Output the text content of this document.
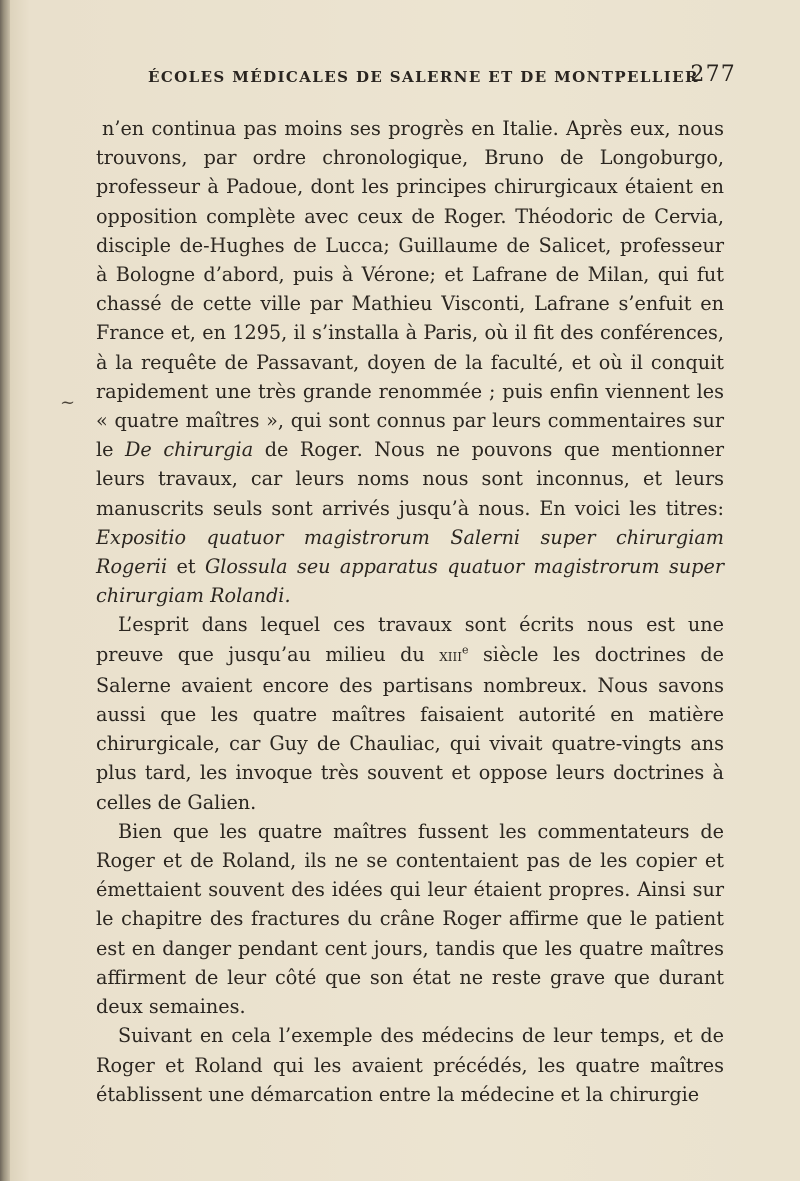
~
ÉCOLES MÉDICALES DE SALERNE ET DE MONTPELLIER
277

n’en continua pas moins ses progrès en Italie. Après eux, nous trouvons, par ordre chronologique, Bruno de Longoburgo, professeur à Padoue, dont les principes chirurgicaux étaient en opposition complète avec ceux de Roger. Théodoric de Cervia, disciple de-Hughes de Lucca; Guillaume de Salicet, professeur à Bologne d’abord, puis à Vérone; et Lafrane de Milan, qui fut chassé de cette ville par Mathieu Visconti, Lafrane s’enfuit en France et, en 1295, il s’installa à Paris, où il fit des conférences, à la requête de Passavant, doyen de la faculté, et où il conquit rapidement une très grande renommée ; puis enfin viennent les « quatre maîtres », qui sont connus par leurs commentaires sur le De chirurgia de Roger. Nous ne pouvons que mentionner leurs travaux, car leurs noms nous sont inconnus, et leurs manuscrits seuls sont arrivés jusqu’à nous. En voici les titres: Expositio quatuor magistrorum Salerni super chirurgiam Rogerii et Glossula seu apparatus quatuor magistrorum super chirurgiam Rolandi.

L’esprit dans lequel ces travaux sont écrits nous est une preuve que jusqu’au milieu du xiii$^e$ siècle les doctrines de Salerne avaient encore des partisans nombreux. Nous savons aussi que les quatre maîtres faisaient autorité en matière chirurgicale, car Guy de Chauliac, qui vivait quatre-vingts ans plus tard, les invoque très souvent et oppose leurs doctrines à celles de Galien.

Bien que les quatre maîtres fussent les commentateurs de Roger et de Roland, ils ne se contentaient pas de les copier et émettaient souvent des idées qui leur étaient propres. Ainsi sur le chapitre des fractures du crâne Roger affirme que le patient est en danger pendant cent jours, tandis que les quatre maîtres affirment de leur côté que son état ne reste grave que durant deux semaines.

Suivant en cela l’exemple des médecins de leur temps, et de Roger et Roland qui les avaient précédés, les quatre maîtres établissent une démarcation entre la médecine et la chirurgie
